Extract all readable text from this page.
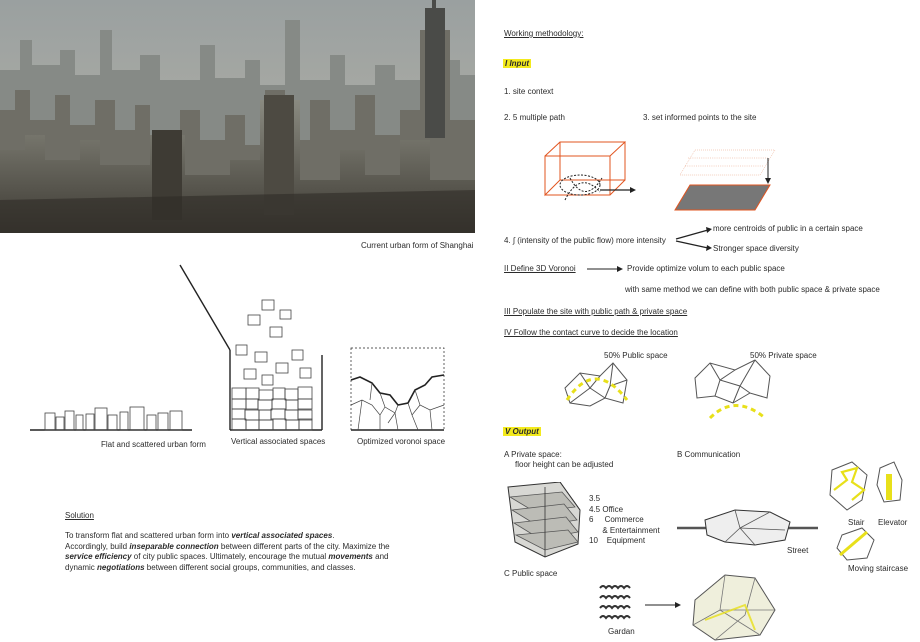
Current urban form of Shanghai
Flat and scattered urban form	Vertical associated spaces	Optimized voronoi space
Solution

To transform flat and scattered urban form into vertical associated spaces.

Accordingly, build inseparable connection between different parts of the city. Maximize the

service efficiency of city public spaces. Ultimately, encourage the mutual movements and

dynamic negotiations between different social groups, communities, and classes.

Working methodology:
I Input
1. site context
2. 5 multiple path	3. set informed points to the site
4. ∫ (intensity of the public flow) more intensity
more centroids of public in a certain space
Stronger space diversity
II Define 3D Voronoi	Provide optimize volum to each public space
with same method we can define with both public space & private space
III Populate the site with public path & private space
IV Follow the contact curve to decide the location
50% Public space	50% Private space
V Output
A Private space:
floor height can be adjusted
B Communication
3.5
4.5 Office
6     Commerce
& Entertainment
10    Equipment
Street
Stair Elevator
Moving staircase
C Public space
Gardan
